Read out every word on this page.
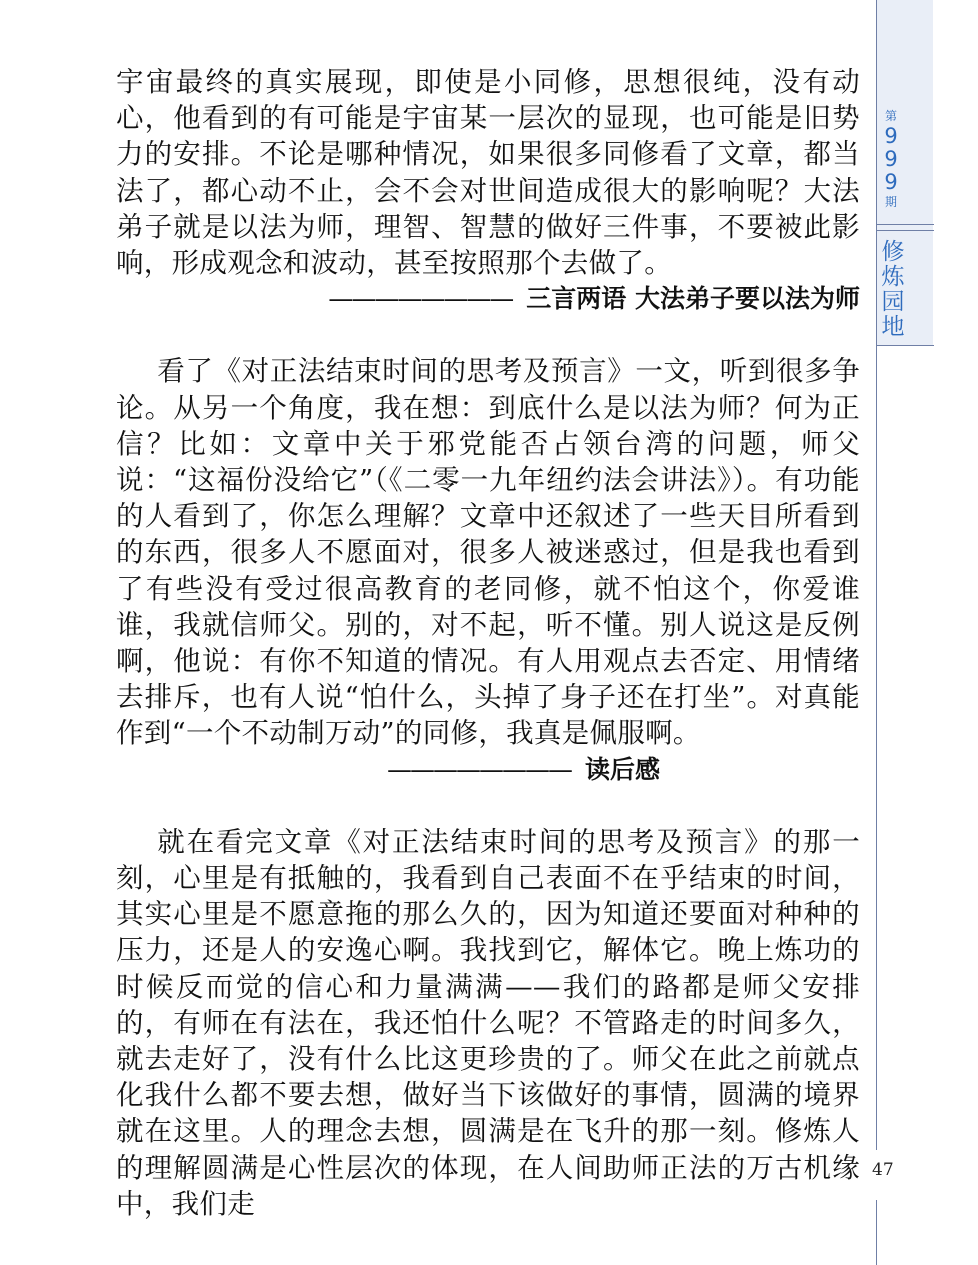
第
9
9
9
期
修
炼
园
地

宇宙最终的真实展现，即使是小同修，思想很纯，没有动心，他看到的有可能是宇宙某一层次的显现，也可能是旧势力的安排。不论是哪种情况，如果很多同修看了文章，都当法了，都心动不止，会不会对世间造成很大的影响呢？大法弟子就是以法为师，理智、智慧的做好三件事，不要被此影响，形成观念和波动，甚至按照那个去做了。

———————— 三言两语 大法弟子要以法为师

看了《对正法结束时间的思考及预言》一文，听到很多争论。从另一个角度，我在想：到底什么是以法为师？何为正信？比如：文章中关于邪党能否占领台湾的问题，师父说：“这福份没给它”（《二零一九年纽约法会讲法》）。有功能的人看到了，你怎么理解？文章中还叙述了一些天目所看到的东西，很多人不愿面对，很多人被迷惑过，但是我也看到了有些没有受过很高教育的老同修，就不怕这个，你爱谁谁，我就信师父。别的，对不起，听不懂。别人说这是反例啊，他说：有你不知道的情况。有人用观点去否定、用情绪去排斥，也有人说“怕什么，头掉了身子还在打坐”。对真能作到“一个不动制万动”的同修，我真是佩服啊。

———————— 读后感

就在看完文章《对正法结束时间的思考及预言》的那一刻，心里是有抵触的，我看到自己表面不在乎结束的时间，其实心里是不愿意拖的那么久的，因为知道还要面对种种的压力，还是人的安逸心啊。我找到它，解体它。晚上炼功的时候反而觉的信心和力量满满——我们的路都是师父安排的，有师在有法在，我还怕什么呢？不管路走的时间多久，就去走好了，没有什么比这更珍贵的了。师父在此之前就点化我什么都不要去想，做好当下该做好的事情，圆满的境界就在这里。人的理念去想，圆满是在飞升的那一刻。修炼人的理解圆满是心性层次的体现，在人间助师正法的万古机缘中，我们走

47
